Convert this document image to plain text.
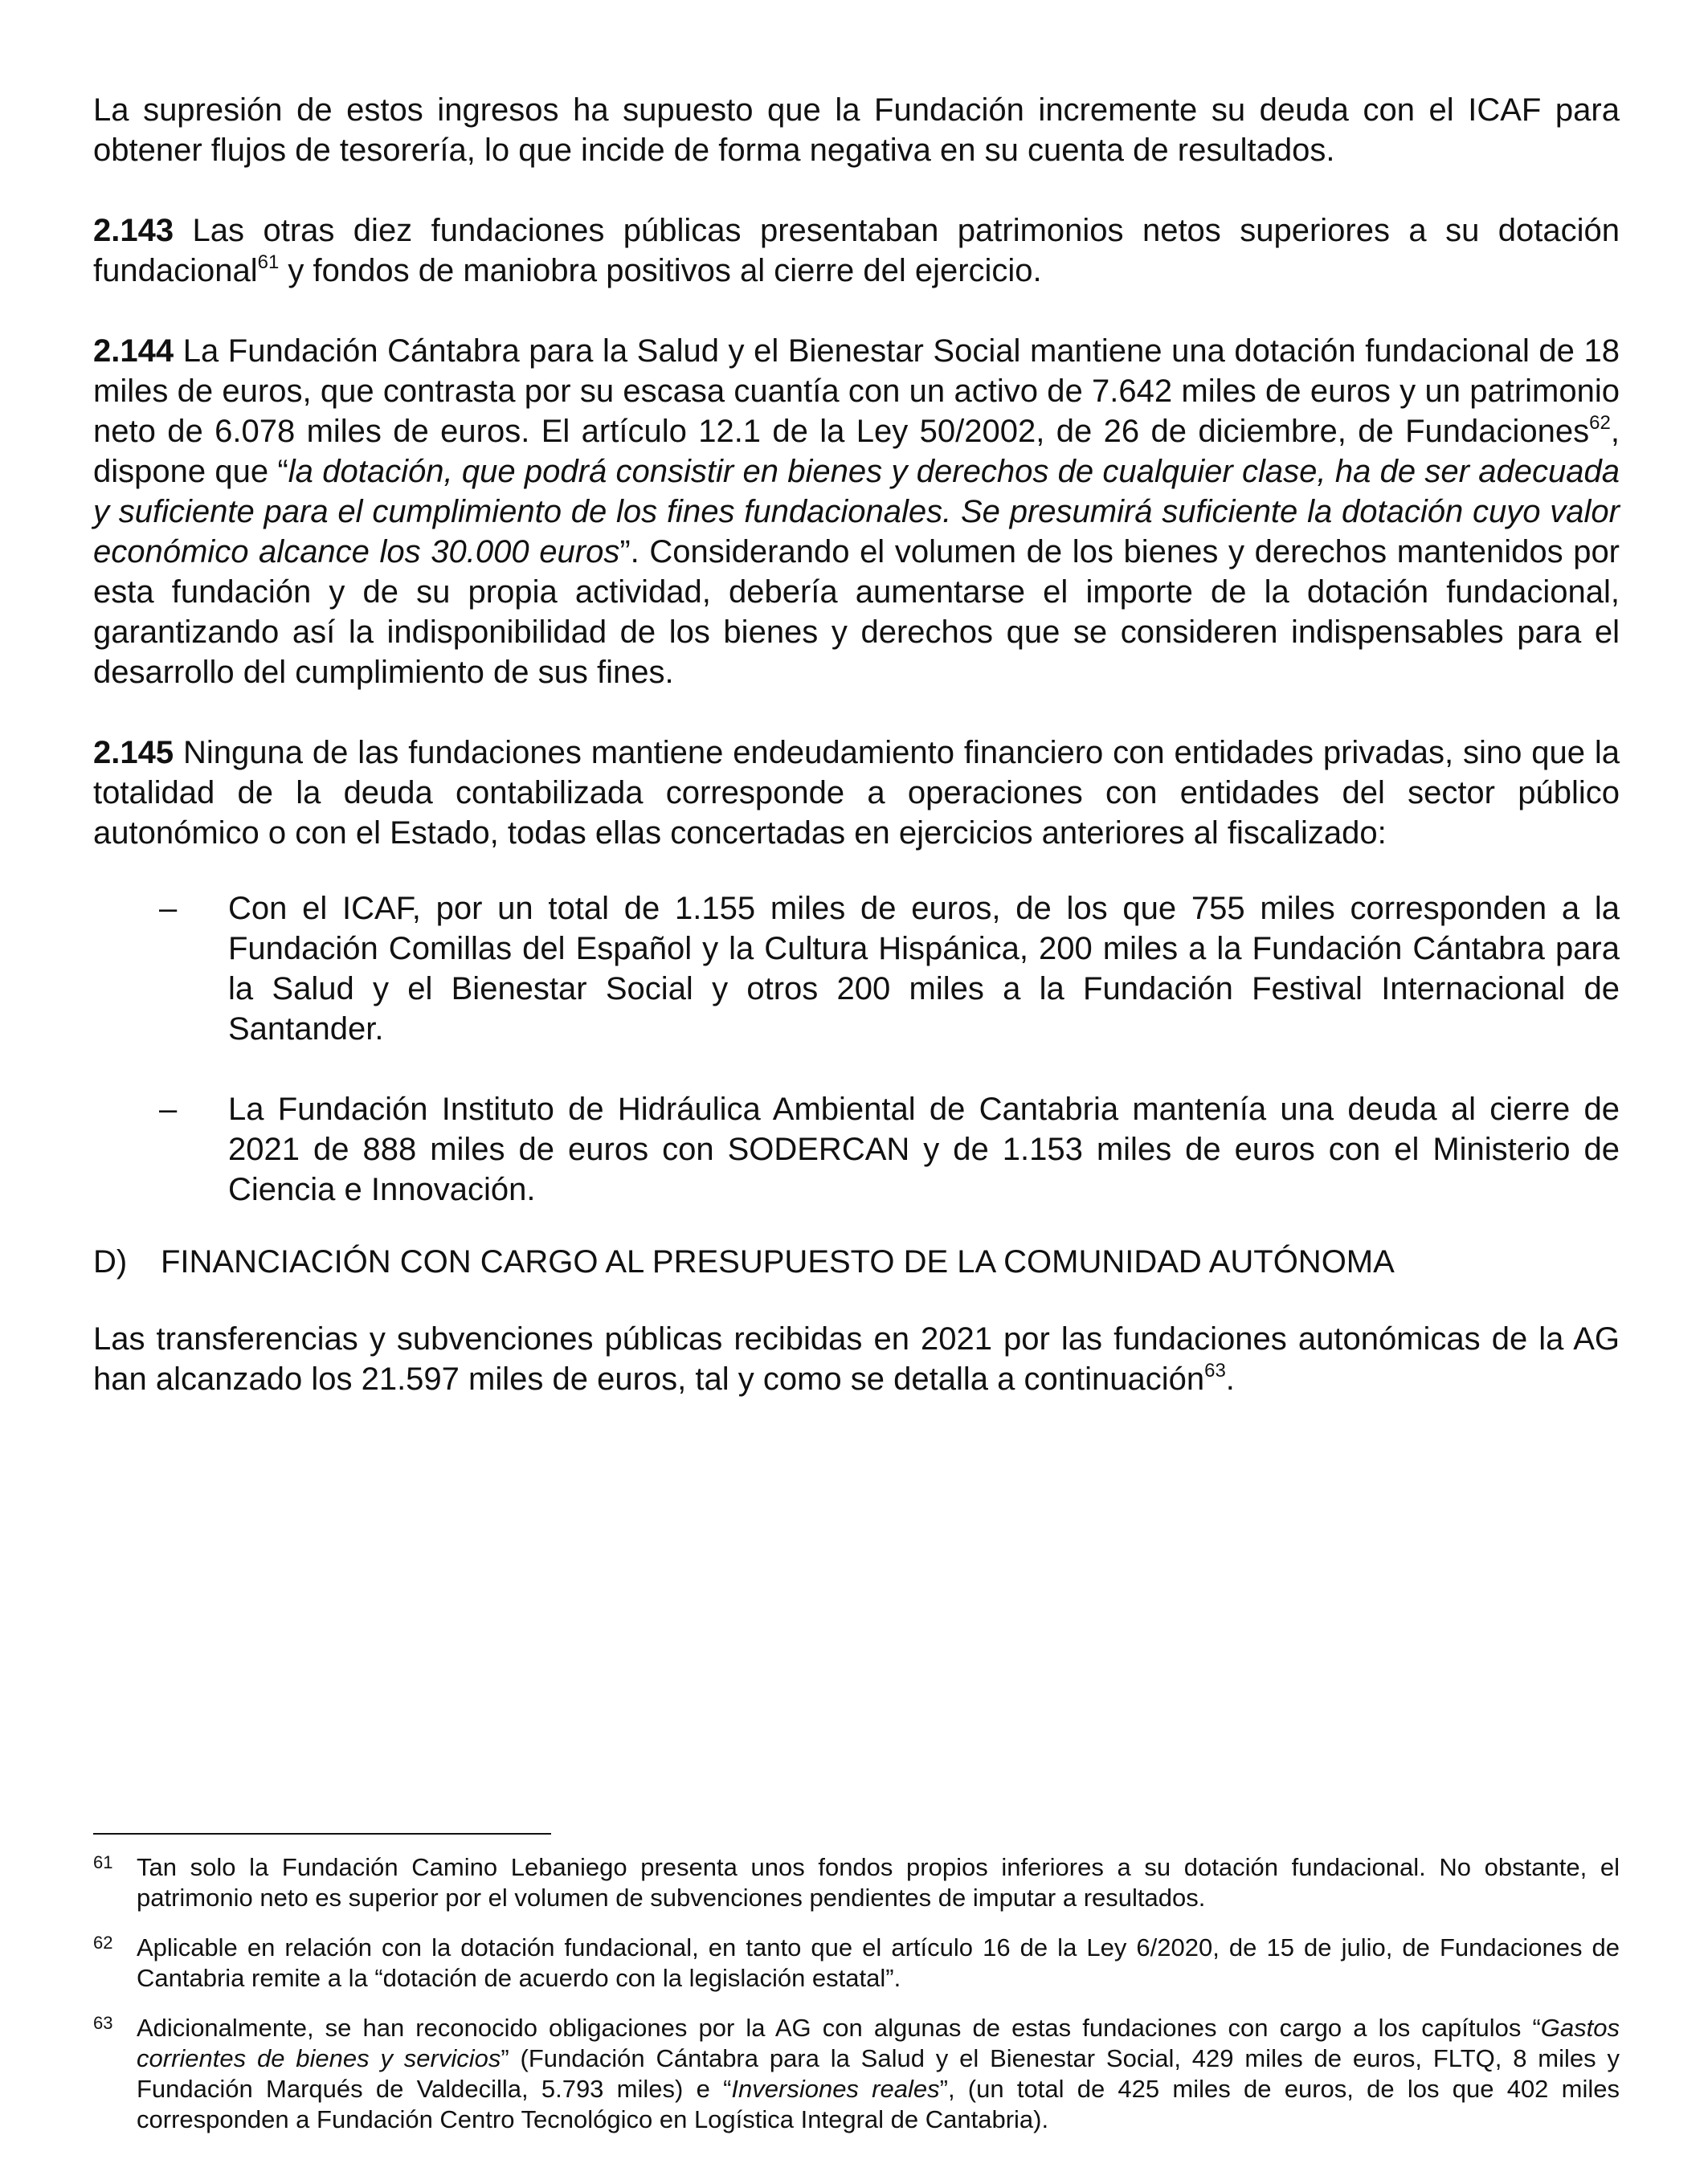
La supresión de estos ingresos ha supuesto que la Fundación incremente su deuda con el ICAF para obtener flujos de tesorería, lo que incide de forma negativa en su cuenta de resultados.

2.143 Las otras diez fundaciones públicas presentaban patrimonios netos superiores a su dotación fundacional$^{61}$ y fondos de maniobra positivos al cierre del ejercicio.

2.144 La Fundación Cántabra para la Salud y el Bienestar Social mantiene una dotación fundacional de 18 miles de euros, que contrasta por su escasa cuantía con un activo de 7.642 miles de euros y un patrimonio neto de 6.078 miles de euros. El artículo 12.1 de la Ley 50/2002, de 26 de diciembre, de Fundaciones$^{62}$, dispone que “la dotación, que podrá consistir en bienes y derechos de cualquier clase, ha de ser adecuada y suficiente para el cumplimiento de los fines fundacionales. Se presumirá suficiente la dotación cuyo valor económico alcance los 30.000 euros”. Considerando el volumen de los bienes y derechos mantenidos por esta fundación y de su propia actividad, debería aumentarse el importe de la dotación fundacional, garantizando así la indisponibilidad de los bienes y derechos que se consideren indispensables para el desarrollo del cumplimiento de sus fines.

2.145 Ninguna de las fundaciones mantiene endeudamiento financiero con entidades privadas, sino que la totalidad de la deuda contabilizada corresponde a operaciones con entidades del sector público autonómico o con el Estado, todas ellas concertadas en ejercicios anteriores al fiscalizado:

–	Con el ICAF, por un total de 1.155 miles de euros, de los que 755 miles corresponden a la Fundación Comillas del Español y la Cultura Hispánica, 200 miles a la Fundación Cántabra para la Salud y el Bienestar Social y otros 200 miles a la Fundación Festival Internacional de Santander.
–	La Fundación Instituto de Hidráulica Ambiental de Cantabria mantenía una deuda al cierre de 2021 de 888 miles de euros con SODERCAN y de 1.153 miles de euros con el Ministerio de Ciencia e Innovación.
D)	FINANCIACIÓN CON CARGO AL PRESUPUESTO DE LA COMUNIDAD AUTÓNOMA

Las transferencias y subvenciones públicas recibidas en 2021 por las fundaciones autonómicas de la AG han alcanzado los 21.597 miles de euros, tal y como se detalla a continuación$^{63}$.

61 Tan solo la Fundación Camino Lebaniego presenta unos fondos propios inferiores a su dotación fundacional. No obstante, el patrimonio neto es superior por el volumen de subvenciones pendientes de imputar a resultados.
62 Aplicable en relación con la dotación fundacional, en tanto que el artículo 16 de la Ley 6/2020, de 15 de julio, de Fundaciones de Cantabria remite a la “dotación de acuerdo con la legislación estatal”.
63 Adicionalmente, se han reconocido obligaciones por la AG con algunas de estas fundaciones con cargo a los capítulos “Gastos corrientes de bienes y servicios” (Fundación Cántabra para la Salud y el Bienestar Social, 429 miles de euros, FLTQ, 8 miles y Fundación Marqués de Valdecilla, 5.793 miles) e “Inversiones reales”, (un total de 425 miles de euros, de los que 402 miles corresponden a Fundación Centro Tecnológico en Logística Integral de Cantabria).
